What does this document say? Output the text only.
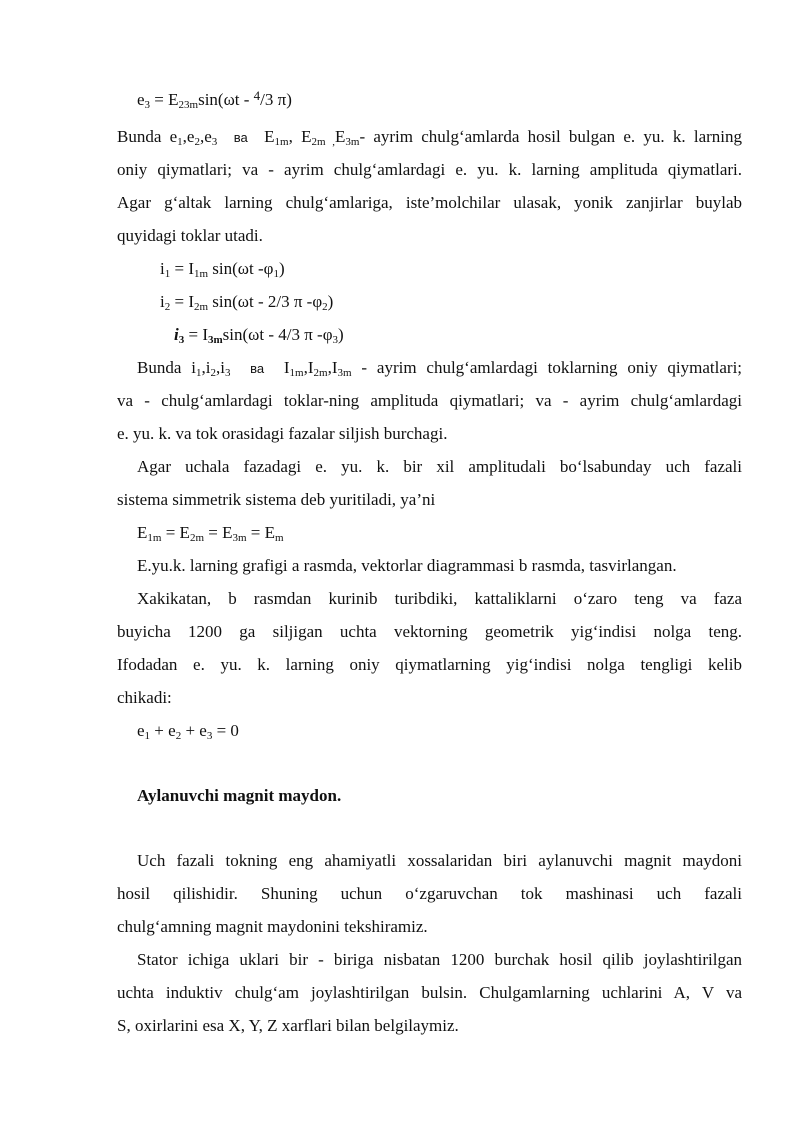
$e_3 = E_{23m}\sin(\omega t - ^4/3$ π)
Bunda $e_1,e_2,e_3$ ва $E_{1m}$, $E_{2m ,}E_{3m}-$ ayrim chulg‘amlarda hosil bulgan e. yu. k. larning
oniy qiymatlari; va - ayrim chulg‘amlardagi e. yu. k. larning amplituda qiymatlari.
Agar g‘altak larning chulg‘amlariga, iste’molchilar ulasak, yonik zanjirlar buylab
quyidagi toklar utadi.
$i_1 = I_{1m}$ sin(ωt $-\varphi_1$)
$i_2 = I_{2m}$ sin(ωt - 2/3 π $-\varphi_2$)
$i_3 = I_{3m}\sin(\omega t - 4/3$ π $-\varphi_3$)
Bunda $i_1,i_2,i_3$ ва $I_{1m},I_{2m},I_{3m}$ - ayrim chulg‘amlardagi toklarning oniy qiymatlari;
va - chulg‘amlardagi toklar-ning amplituda qiymatlari; va - ayrim chulg‘amlardagi
e. yu. k. va tok orasidagi fazalar siljish burchagi.
Agar uchala fazadagi e. yu. k. bir xil amplitudali bo‘lsabunday uch fazali
sistema simmetrik sistema deb yuritiladi, ya’ni
$E_{1m} = E_{2m} = E_{3m} = E_m$
E.yu.k. larning grafigi a rasmda, vektorlar diagrammasi b rasmda, tasvirlangan.
Xakikatan, b rasmdan kurinib turibdiki, kattaliklarni o‘zaro teng va faza
buyicha 1200 ga siljigan uchta vektorning geometrik yig‘indisi nolga teng.
Ifodadan e. yu. k. larning oniy qiymatlarning yig‘indisi nolga tengligi kelib
chikadi:
$e_1 + e_2 + e_3 = 0$
Aylanuvchi magnit maydon.
Uch fazali tokning eng ahamiyatli xossalaridan biri aylanuvchi magnit maydoni
hosil qilishidir. Shuning uchun o‘zgaruvchan tok mashinasi uch fazali
chulg‘amning magnit maydonini tekshiramiz.
Stator ichiga uklari bir - biriga nisbatan 1200 burchak hosil qilib joylashtirilgan
uchta induktiv chulg‘am joylashtirilgan bulsin. Chulgamlarning uchlarini A, V va
S, oxirlarini esa X, Y, Z xarflari bilan belgilaymiz.
